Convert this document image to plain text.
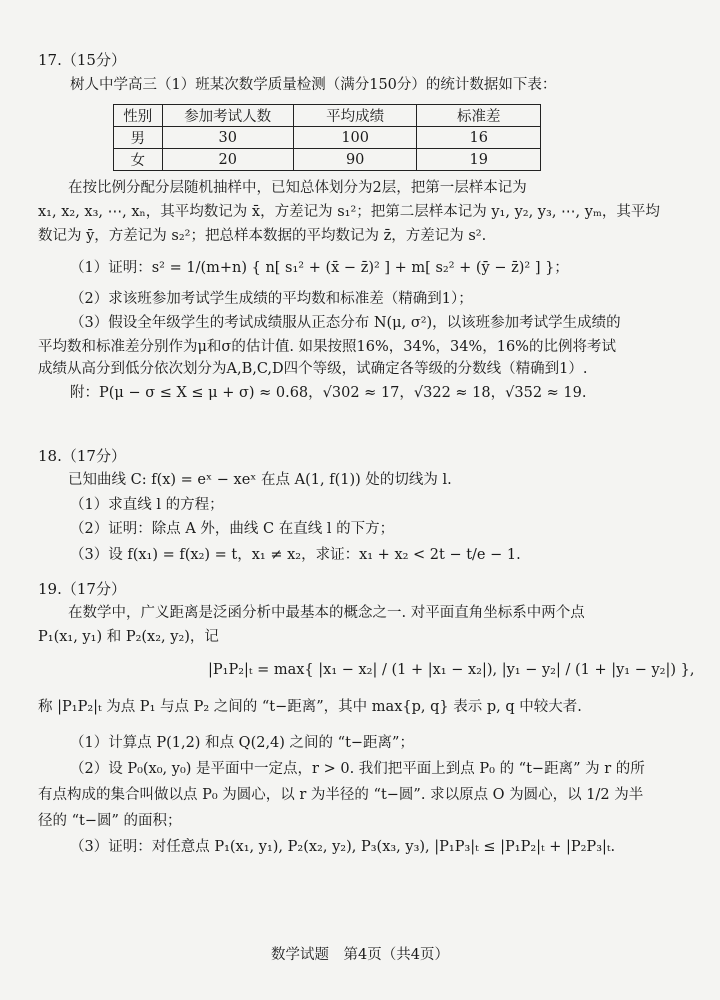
17.（15分）
树人中学高三（1）班某次数学质量检测（满分150分）的统计数据如下表：
性别	参加考试人数	平均成绩	标准差
男	30	100	16
女	20	90	19
在按比例分配分层随机抽样中，已知总体划分为2层，把第一层样本记为
x₁, x₂, x₃, ⋯, xₙ，其平均数记为 x̄，方差记为 s₁²；把第二层样本记为 y₁, y₂, y₃, ⋯, yₘ，其平均
数记为 ȳ，方差记为 s₂²；把总样本数据的平均数记为 z̄，方差记为 s².
（1）证明：s² = 1/(m+n) { n[ s₁² + (x̄ − z̄)² ] + m[ s₂² + (ȳ − z̄)² ] }；
（2）求该班参加考试学生成绩的平均数和标准差（精确到1）；
（3）假设全年级学生的考试成绩服从正态分布 N(μ, σ²)，以该班参加考试学生成绩的
平均数和标准差分别作为μ和σ的估计值. 如果按照16%，34%，34%，16%的比例将考试
成绩从高分到低分依次划分为A,B,C,D四个等级，试确定各等级的分数线（精确到1）.
附：P(μ − σ ≤ X ≤ μ + σ) ≈ 0.68，√302 ≈ 17，√322 ≈ 18，√352 ≈ 19.
18.（17分）
已知曲线 C: f(x) = eˣ − xeˣ 在点 A(1, f(1)) 处的切线为 l.
（1）求直线 l 的方程；
（2）证明：除点 A 外，曲线 C 在直线 l 的下方；
（3）设 f(x₁) = f(x₂) = t，x₁ ≠ x₂，求证：x₁ + x₂ < 2t − t/e − 1.
19.（17分）
在数学中，广义距离是泛函分析中最基本的概念之一. 对平面直角坐标系中两个点
P₁(x₁, y₁) 和 P₂(x₂, y₂)，记
|P₁P₂|ₜ = max{ |x₁ − x₂| / (1 + |x₁ − x₂|), |y₁ − y₂| / (1 + |y₁ − y₂|) },
称 |P₁P₂|ₜ 为点 P₁ 与点 P₂ 之间的 “t−距离”，其中 max{p, q} 表示 p, q 中较大者.
（1）计算点 P(1,2) 和点 Q(2,4) 之间的 “t−距离”；
（2）设 P₀(x₀, y₀) 是平面中一定点，r > 0. 我们把平面上到点 P₀ 的 “t−距离” 为 r 的所
有点构成的集合叫做以点 P₀ 为圆心，以 r 为半径的 “t−圆”. 求以原点 O 为圆心，以 1/2 为半
径的 “t−圆” 的面积；
（3）证明：对任意点 P₁(x₁, y₁), P₂(x₂, y₂), P₃(x₃, y₃), |P₁P₃|ₜ ≤ |P₁P₂|ₜ + |P₂P₃|ₜ.
数学试题　第4页（共4页）
